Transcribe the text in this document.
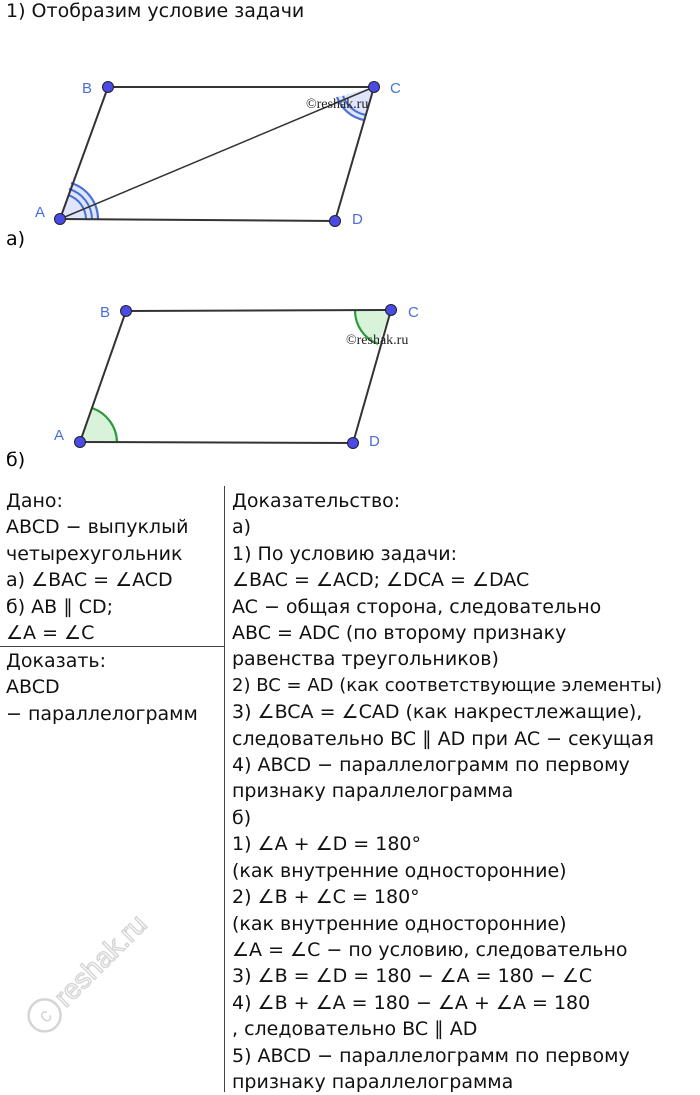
1) Отобразим условие задачи
A
B	C
D
©reshak.ru
а)
A
B	C
D
©reshak.ru
б)
Дано:
ABCD − выпуклый
четырехугольник
а) ∠BAC = ∠ACD
б) AB ∥ CD;
∠A = ∠C
Доказать:
ABCD
− параллелограмм
Доказательство:
а)
1) По условию задачи:
∠BAC = ∠ACD; ∠DCA = ∠DAC
AC − общая сторона, следовательно
ABC = ADC (по второму признаку
равенства треугольников)
2) BC = AD (как соответствующие элементы)
3) ∠BCA = ∠CAD (как накрестлежащие),
следовательно BC ∥ AD при AC − секущая
4) ABCD − параллелограмм по первому
признаку параллелограмма
б)
1) ∠A + ∠D = 180°
(как внутренние односторонние)
2) ∠B + ∠C = 180°
(как внутренние односторонние)
∠A = ∠C − по условию, следовательно
3) ∠B = ∠D = 180 − ∠A = 180 − ∠C
4) ∠B + ∠A = 180 − ∠A + ∠A = 180
, следовательно BC ∥ AD
5) ABCD − параллелограмм по первому
признаку параллелограмма
c
reshak.ru
